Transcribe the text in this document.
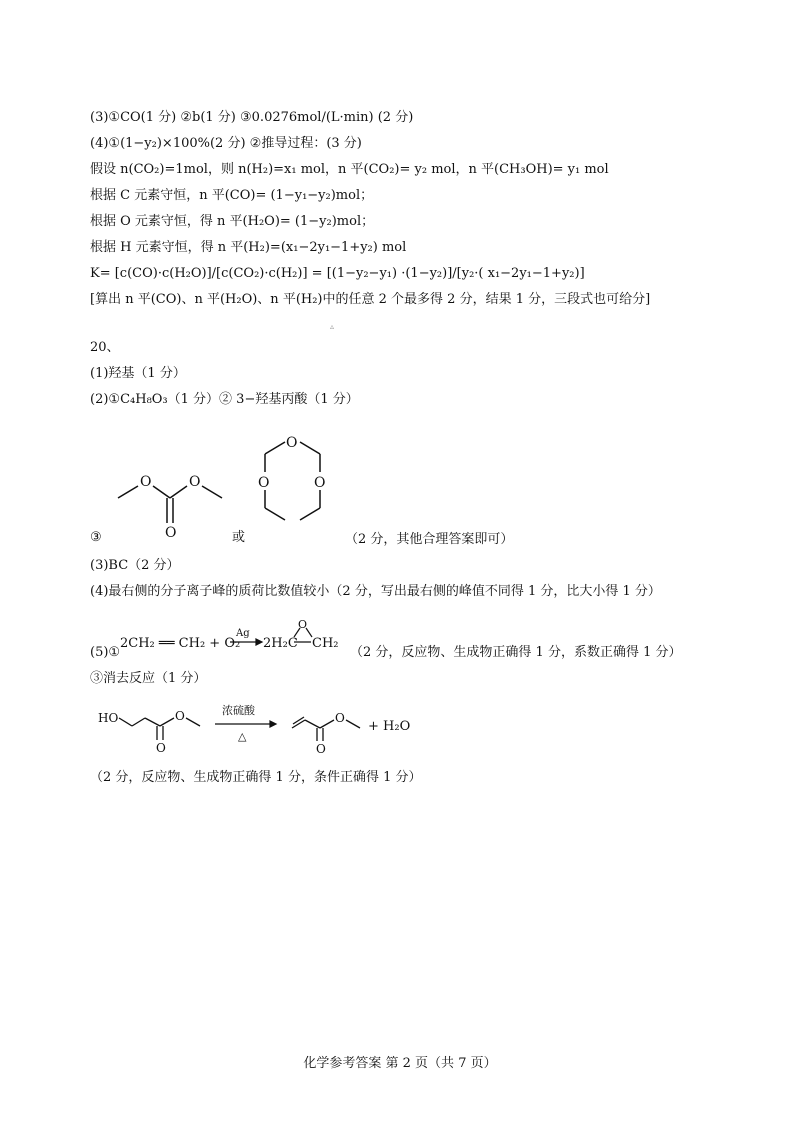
(3)①CO(1 分) ②b(1 分) ③0.0276mol/(L·min) (2 分)
(4)①(1−y₂)×100%(2 分) ②推导过程：(3 分)
假设 n(CO₂)=1mol，则 n(H₂)=x₁ mol，n 平(CO₂)= y₂ mol，n 平(CH₃OH)= y₁ mol
根据 C 元素守恒，n 平(CO)= (1−y₁−y₂)mol；
根据 O 元素守恒，得 n 平(H₂O)= (1−y₂)mol；
根据 H 元素守恒，得 n 平(H₂)=(x₁−2y₁−1+y₂) mol
K= [c(CO)·c(H₂O)]/[c(CO₂)·c(H₂)] = [(1−y₂−y₁) ·(1−y₂)]/[y₂·( x₁−2y₁−1+y₂)]
[算出 n 平(CO)、n 平(H₂O)、n 平(H₂)中的任意 2 个最多得 2 分，结果 1 分，三段式也可给分]
▵
20、
(1)羟基（1 分）
(2)①C₄H₈O₃（1 分）② 3−羟基丙酸（1 分）
O	O
O
O
O	O
③	或	（2 分，其他合理答案即可）
(3)BC（2 分）
(4)最右侧的分子离子峰的质荷比数值较小（2 分，写出最右侧的峰值不同得 1 分，比大小得 1 分）
(5)①
2CH₂ ══ CH₂ + O₂
Ag
2H₂C
O
CH₂
（2 分，反应物、生成物正确得 1 分，系数正确得 1 分）
③消去反应（1 分）
HO	O
O
浓硫酸
△
O
O
+ H₂O
（2 分，反应物、生成物正确得 1 分，条件正确得 1 分）
化学参考答案 第 2 页（共 7 页）
